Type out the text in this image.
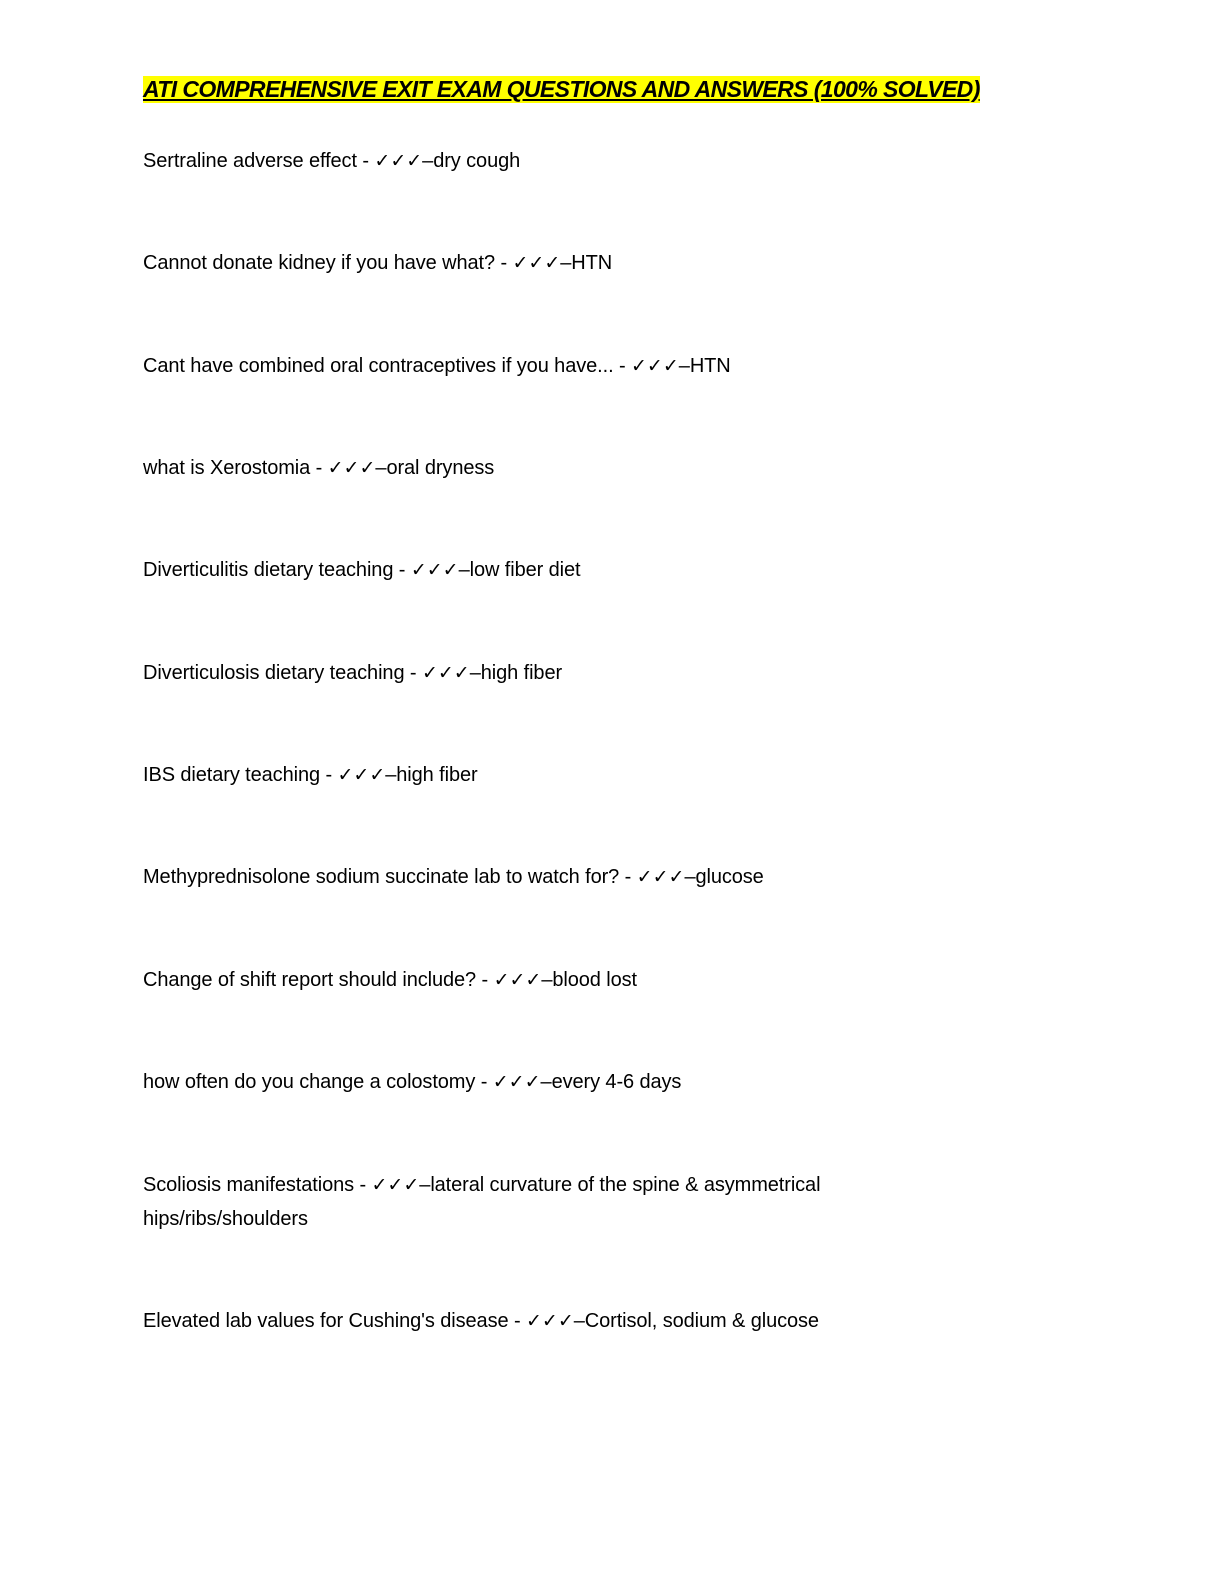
ATI COMPREHENSIVE EXIT EXAM QUESTIONS AND ANSWERS (100% SOLVED)

Sertraline adverse effect - ✓✓✓–dry cough

Cannot donate kidney if you have what? - ✓✓✓–HTN

Cant have combined oral contraceptives if you have... - ✓✓✓–HTN

what is Xerostomia - ✓✓✓–oral dryness

Diverticulitis dietary teaching - ✓✓✓–low fiber diet

Diverticulosis dietary teaching - ✓✓✓–high fiber

IBS dietary teaching - ✓✓✓–high fiber

Methyprednisolone sodium succinate lab to watch for? - ✓✓✓–glucose

Change of shift report should include? - ✓✓✓–blood lost

how often do you change a colostomy - ✓✓✓–every 4-6 days

Scoliosis manifestations - ✓✓✓–lateral curvature of the spine & asymmetrical hips/ribs/shoulders

Elevated lab values for Cushing's disease - ✓✓✓–Cortisol, sodium & glucose
